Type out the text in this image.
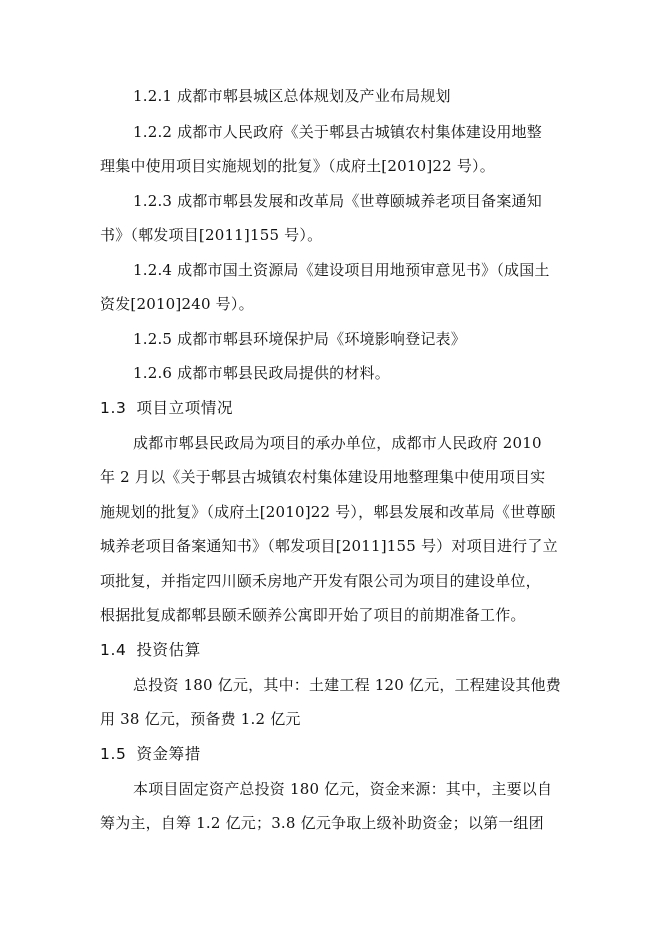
1.2.1 成都市郫县城区总体规划及产业布局规划
1.2.2 成都市人民政府《关于郫县古城镇农村集体建设用地整
理集中使用项目实施规划的批复》（成府土[2010]22 号）。
1.2.3 成都市郫县发展和改革局《世尊颐城养老项目备案通知
书》（郫发项目[2011]155 号）。
1.2.4 成都市国土资源局《建设项目用地预审意见书》（成国土
资发[2010]240 号）。
1.2.5 成都市郫县环境保护局《环境影响登记表》
1.2.6 成都市郫县民政局提供的材料。
1.3 项目立项情况
成都市郫县民政局为项目的承办单位，成都市人民政府 2010
年 2 月以《关于郫县古城镇农村集体建设用地整理集中使用项目实
施规划的批复》（成府土[2010]22 号），郫县发展和改革局《世尊颐
城养老项目备案通知书》（郫发项目[2011]155 号）对项目进行了立
项批复，并指定四川颐禾房地产开发有限公司为项目的建设单位，
根据批复成都郫县颐禾颐养公寓即开始了项目的前期准备工作。
1.4 投资估算
总投资 180 亿元，其中：土建工程 120 亿元，工程建设其他费
用 38 亿元，预备费 1.2 亿元
1.5 资金筹措
本项目固定资产总投资 180 亿元，资金来源：其中，主要以自
筹为主，自筹 1.2 亿元；3.8 亿元争取上级补助资金；以第一组团
